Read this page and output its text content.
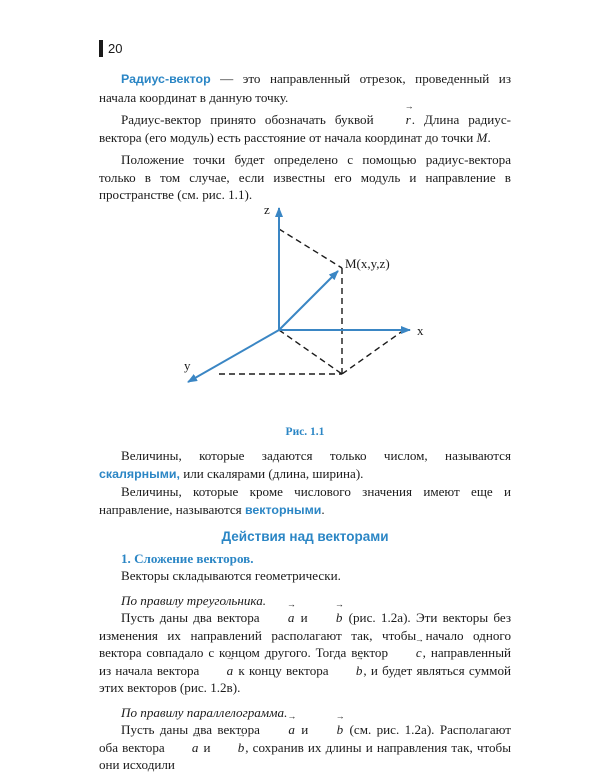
20

Радиус-вектор — это направленный отрезок, проведенный из начала координат в данную точку.

Радиус-вектор принято обозначать буквой → r. Длина радиус-вектора (его модуль) есть расстояние от начала координат до точки M.

Положение точки будет определено с помощью радиус-вектора только в том случае, если известны его модуль и направление в пространстве (см. рис. 1.1).

z
x
y
M(x,y,z)

Рис. 1.1

Величины, которые задаются только числом, называются скалярными, или скалярами (длина, ширина).

Величины, которые кроме числового значения имеют еще и направление, называются векторными.

Действия над векторами

1. Сложение векторов.

Векторы складываются геометрически.

По правилу треугольника.

Пусть даны два вектора → a и → b (рис. 1.2а). Эти векторы без изменения их направлений располагают так, чтобы начало одного вектора совпадало с концом другого. Тогда вектор → c, направленный из начала вектора → a к концу вектора → b, и будет являться суммой этих векторов (рис. 1.2в).

По правилу параллелограмма.

Пусть даны два вектора → a и → b (см. рис. 1.2а). Располагают оба вектора → a и → b, сохранив их длины и направления так, чтобы они исходили
